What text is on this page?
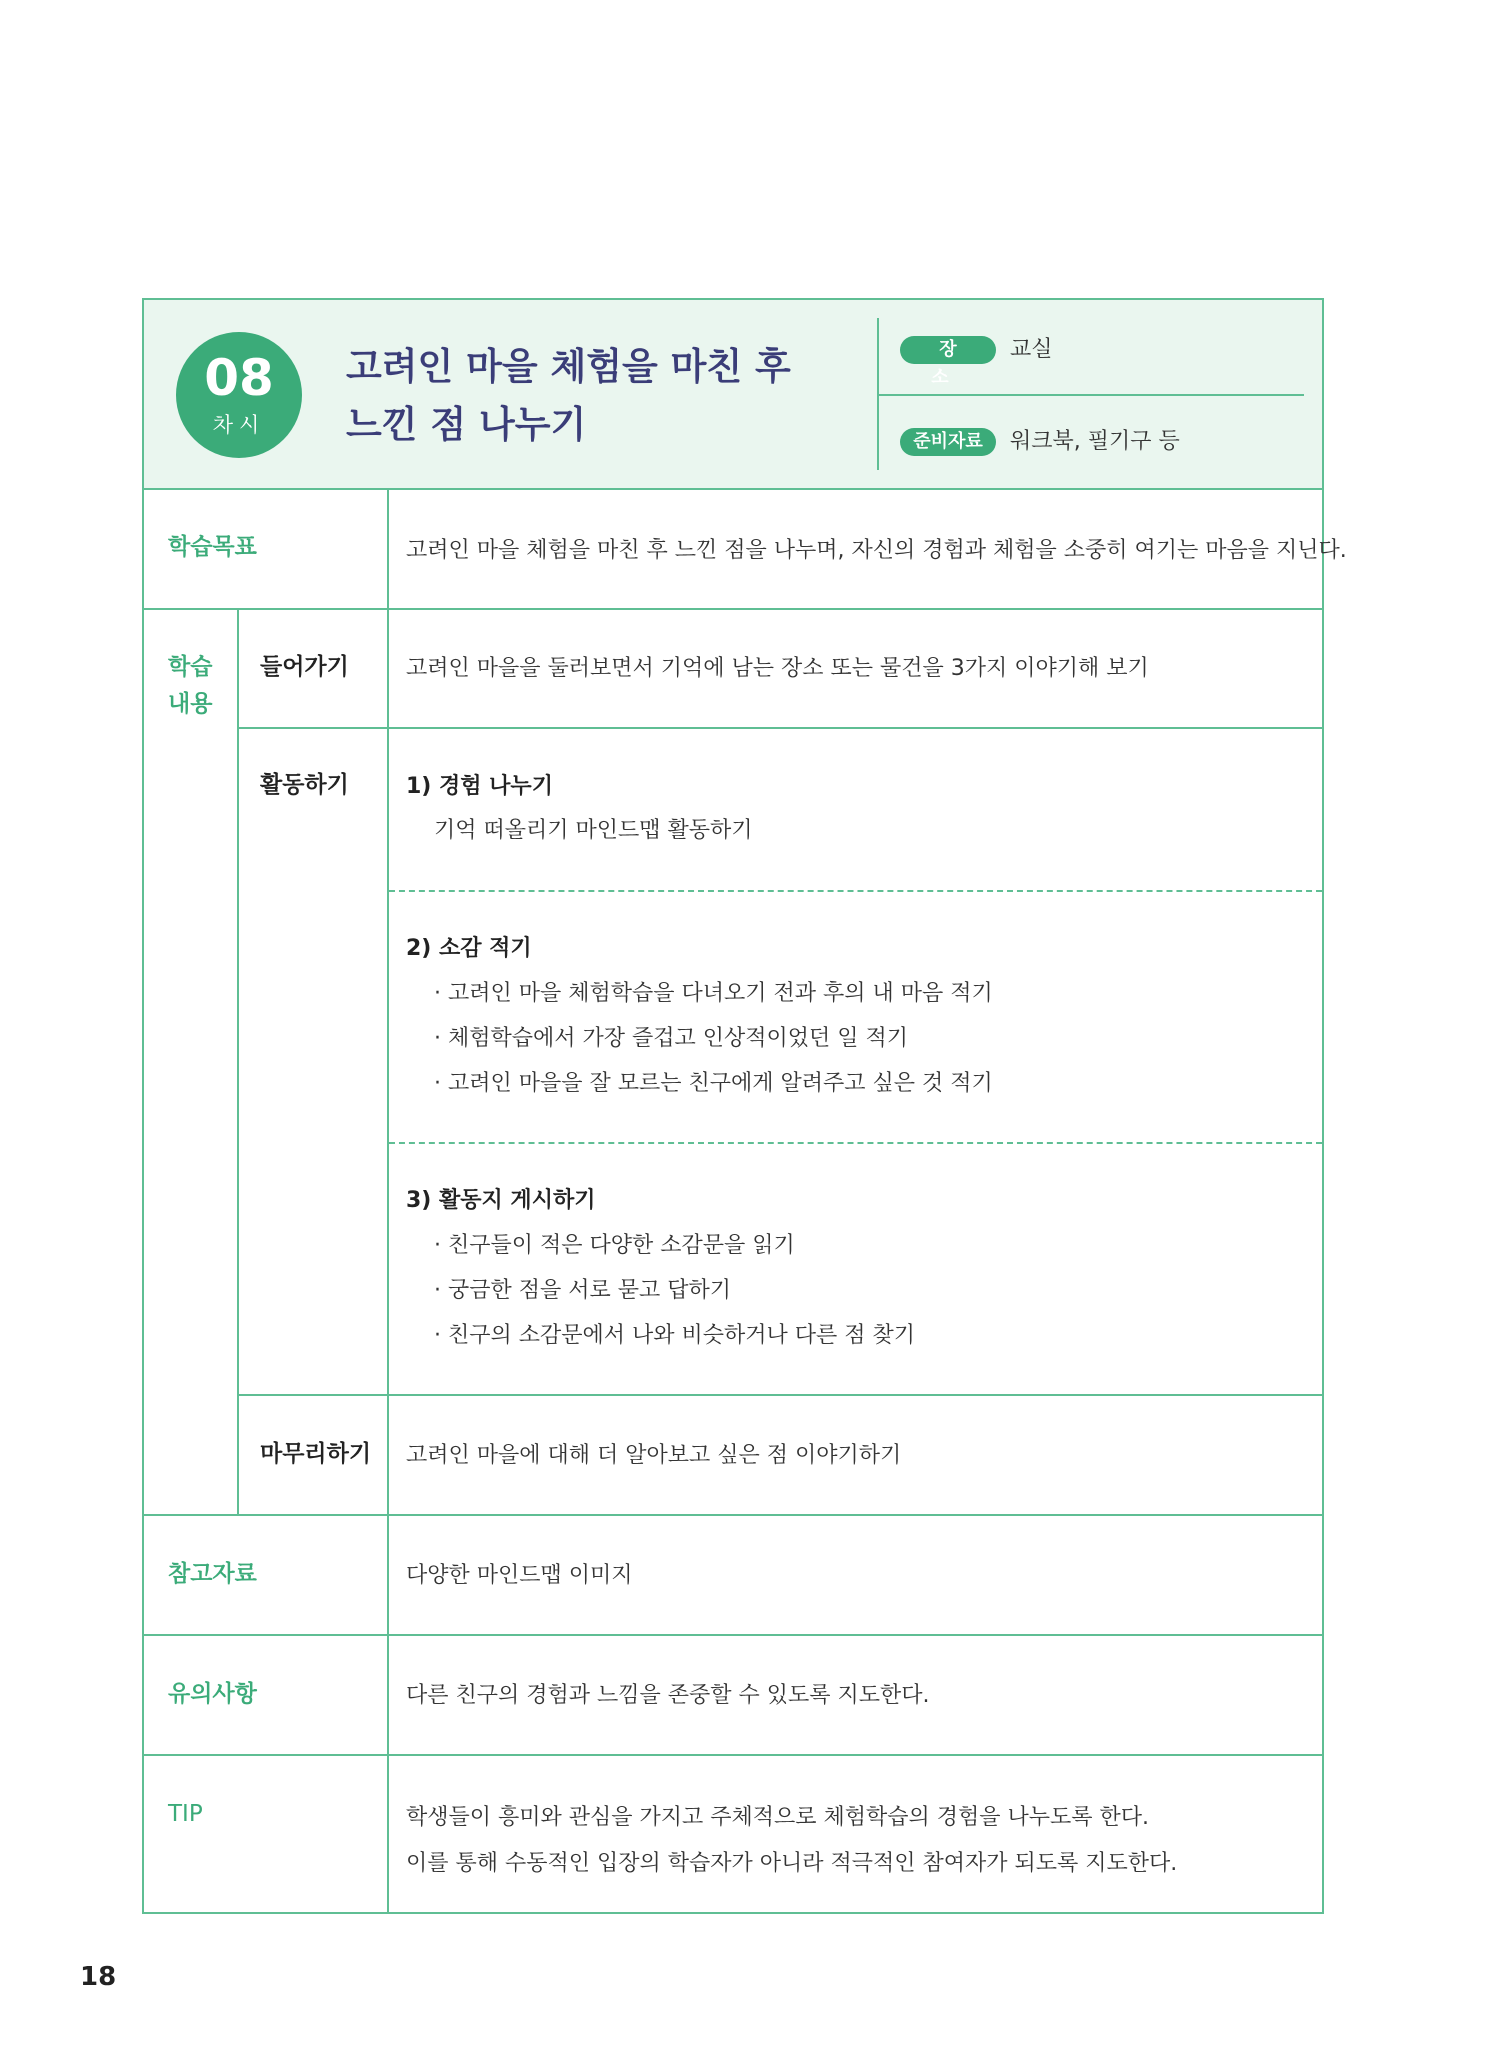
08
차시
고려인 마을 체험을 마친 후
느낀 점 나누기
장 소
교실
준비자료	워크북, 필기구 등
학습목표	고려인 마을 체험을 마친 후 느낀 점을 나누며, 자신의 경험과 체험을 소중히 여기는 마음을 지닌다.
학습
내용
들어가기	고려인 마을을 둘러보면서 기억에 남는 장소 또는 물건을 3가지 이야기해 보기
활동하기	1) 경험 나누기
기억 떠올리기 마인드맵 활동하기
2) 소감 적기
· 고려인 마을 체험학습을 다녀오기 전과 후의 내 마음 적기
· 체험학습에서 가장 즐겁고 인상적이었던 일 적기
· 고려인 마을을 잘 모르는 친구에게 알려주고 싶은 것 적기
3) 활동지 게시하기
· 친구들이 적은 다양한 소감문을 읽기
· 궁금한 점을 서로 묻고 답하기
· 친구의 소감문에서 나와 비슷하거나 다른 점 찾기
마무리하기 고려인 마을에 대해 더 알아보고 싶은 점 이야기하기
참고자료	다양한 마인드맵 이미지
유의사항	다른 친구의 경험과 느낌을 존중할 수 있도록 지도한다.
TIP	학생들이 흥미와 관심을 가지고 주체적으로 체험학습의 경험을 나누도록 한다.
이를 통해 수동적인 입장의 학습자가 아니라 적극적인 참여자가 되도록 지도한다.
18
